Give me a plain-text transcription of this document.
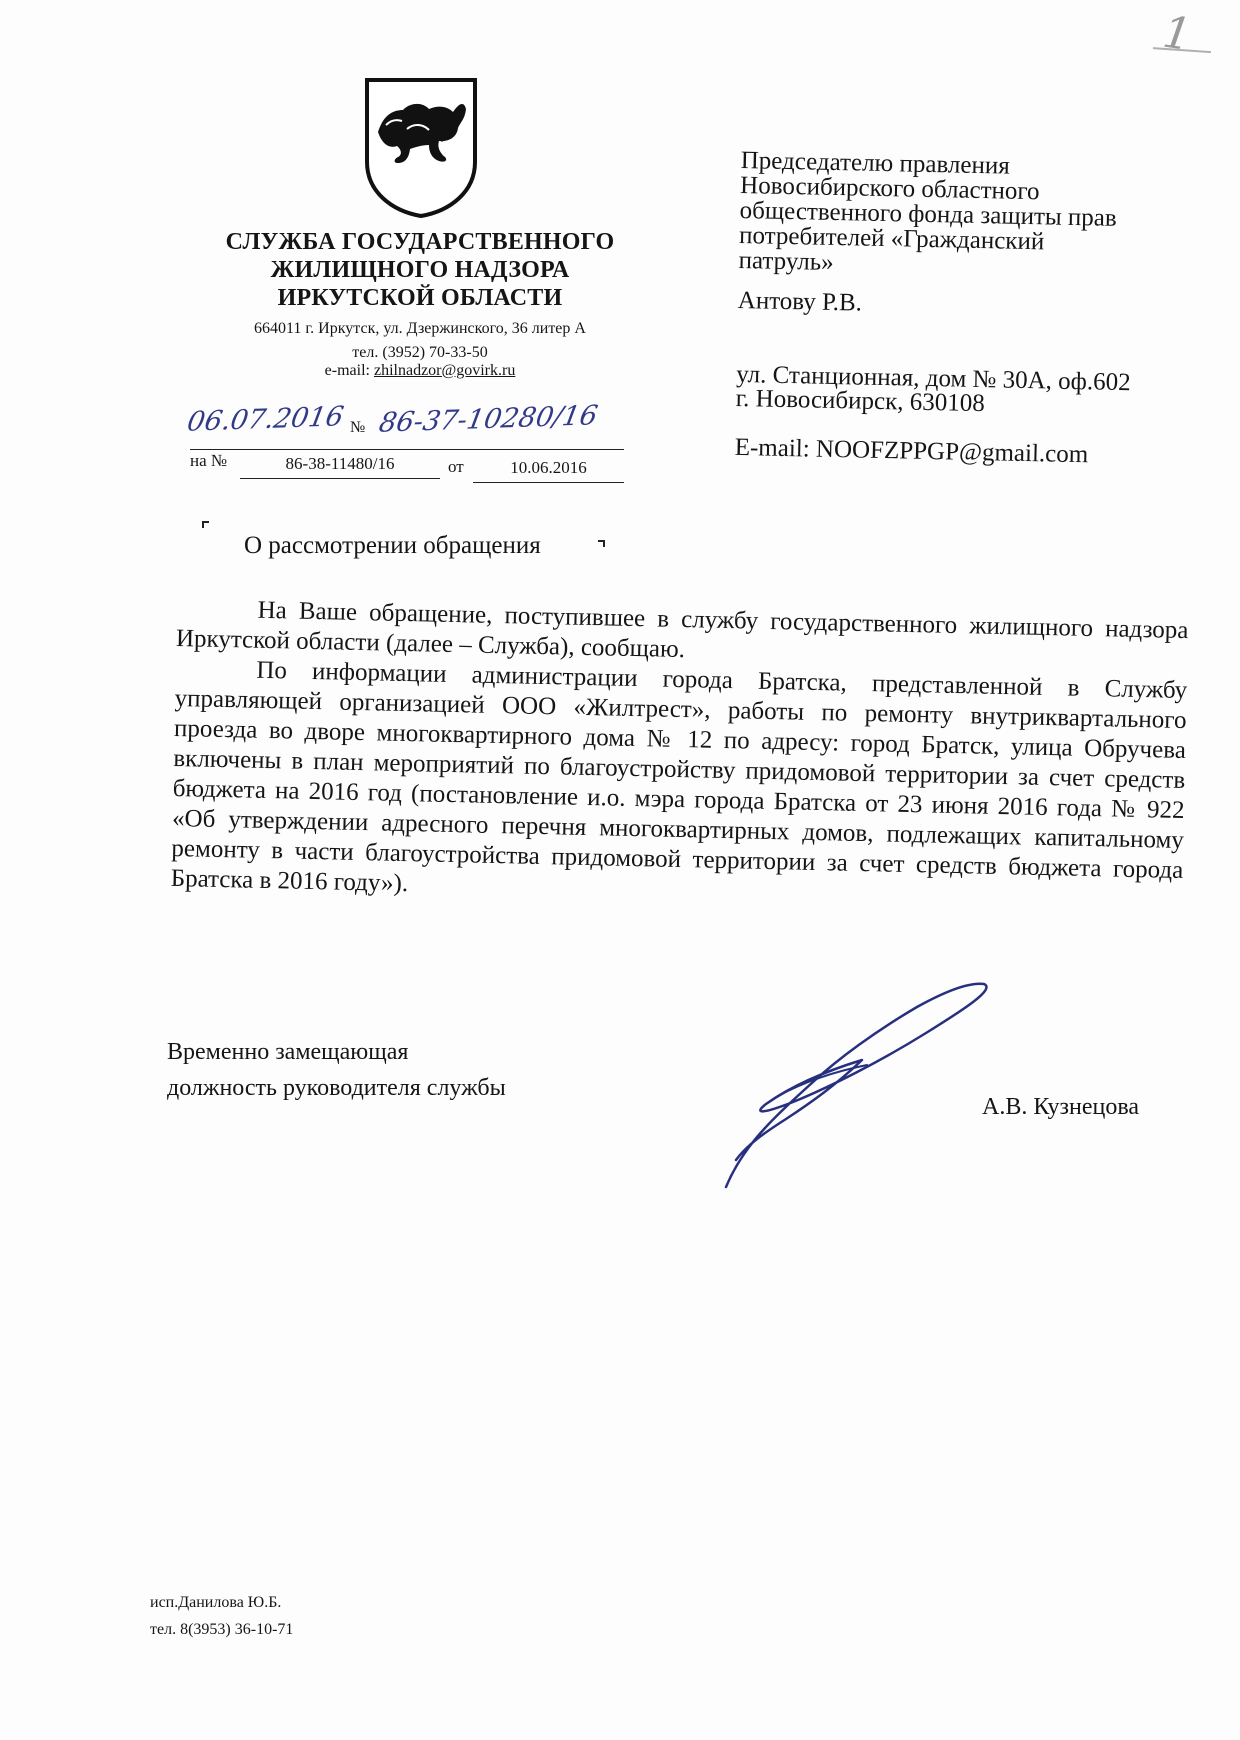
1
СЛУЖБА ГОСУДАРСТВЕННОГО
ЖИЛИЩНОГО НАДЗОРА
ИРКУТСКОЙ ОБЛАСТИ
664011 г. Иркутск, ул. Дзержинского, 36 литер А
тел. (3952) 70-33-50
e-mail: zhilnadzor@govirk.ru
06.07.2016 № 86-37-10280/16
на №	86-38-11480/16	от	10.06.2016
Председателю правления
Новосибирского областного
общественного фонда защиты прав
потребителей «Гражданский
патруль»
Антову Р.В.
ул. Станционная, дом № 30А, оф.602
г. Новосибирск, 630108
E-mail: NOOFZPPGP@gmail.com
О рассмотрении обращения

На Ваше обращение, поступившее в службу государственного жилищного надзора Иркутской области (далее – Служба), сообщаю.

По информации администрации города Братска, представленной в Службу управляющей организацией ООО «Жилтрест», работы по ремонту внутриквартального проезда во дворе многоквартирного дома № 12 по адресу: город Братск, улица Обручева включены в план мероприятий по благоустройству придомовой территории за счет средств бюджета на 2016 год (постановление и.о. мэра города Братска от 23 июня 2016 года № 922 «Об утверждении адресного перечня многоквартирных домов, подлежащих капитальному ремонту в части благоустройства придомовой территории за счет средств бюджета города Братска в 2016 году»).

Временно замещающая
должность руководителя службы
А.В. Кузнецова
исп.Данилова Ю.Б.
тел. 8(3953) 36-10-71
